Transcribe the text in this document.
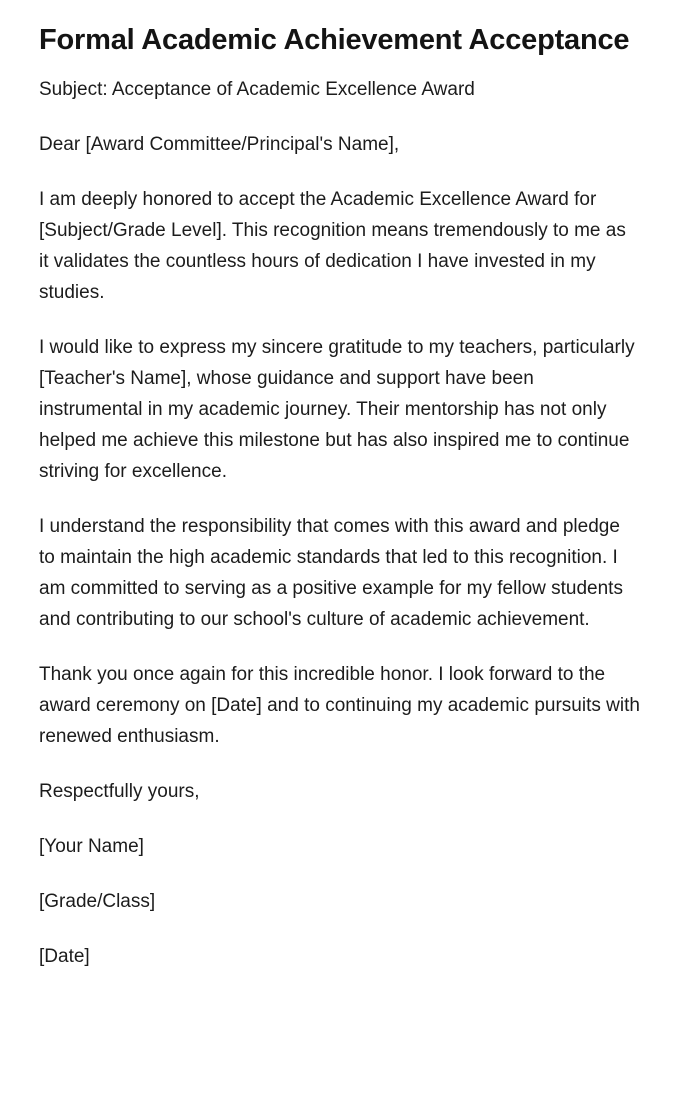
Formal Academic Achievement Acceptance

Subject: Acceptance of Academic Excellence Award

Dear [Award Committee/Principal's Name],

I am deeply honored to accept the Academic Excellence Award for [Subject/Grade Level]. This recognition means tremendously to me as it validates the countless hours of dedication I have invested in my studies.

I would like to express my sincere gratitude to my teachers, particularly [Teacher's Name], whose guidance and support have been instrumental in my academic journey. Their mentorship has not only helped me achieve this milestone but has also inspired me to continue striving for excellence.

I understand the responsibility that comes with this award and pledge to maintain the high academic standards that led to this recognition. I am committed to serving as a positive example for my fellow students and contributing to our school's culture of academic achievement.

Thank you once again for this incredible honor. I look forward to the award ceremony on [Date] and to continuing my academic pursuits with renewed enthusiasm.

Respectfully yours,

[Your Name]

[Grade/Class]

[Date]
